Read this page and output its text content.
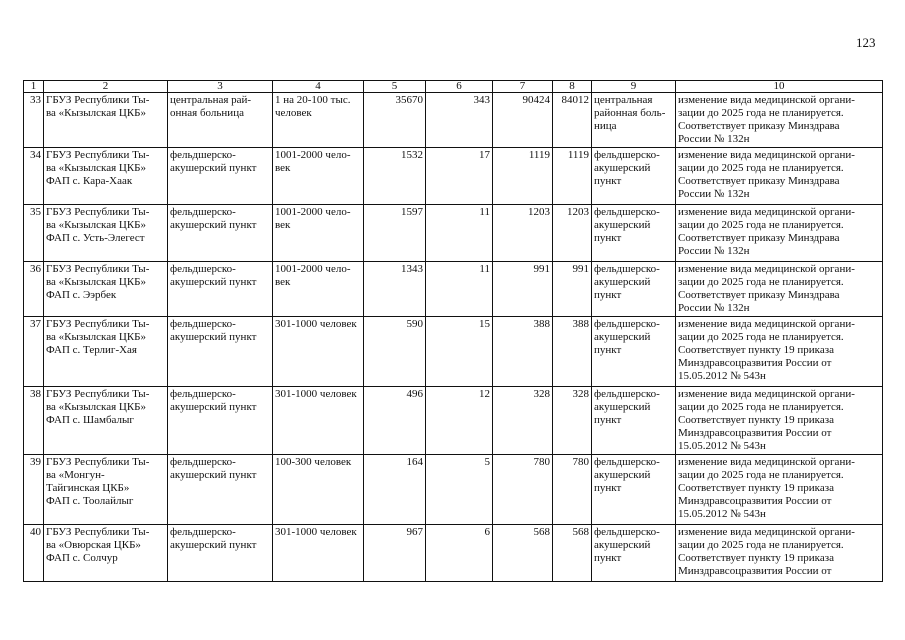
123
1	2	3	4	5	6	7	8	9	10

33	ГБУЗ Республики Ты-
ва «Кызылская ЦКБ»	центральная рай-
онная больница	1 на 20-100 тыс.
человек	35670	343	90424	84012	центральная
районная боль-
ница	изменение вида медицинской органи-
зации до 2025 года не планируется.
Соответствует приказу Минздрава
России № 132н

34	ГБУЗ Республики Ты-
ва «Кызылская ЦКБ»
ФАП с. Кара-Хаак	фельдшерско-
акушерский пункт	1001-2000 чело-
век	1532	17	1119	1119	фельдшерско-
акушерский
пункт	изменение вида медицинской органи-
зации до 2025 года не планируется.
Соответствует приказу Минздрава
России № 132н

35	ГБУЗ Республики Ты-
ва «Кызылская ЦКБ»
ФАП с. Усть-Элегест	фельдшерско-
акушерский пункт	1001-2000 чело-
век	1597	11	1203	1203	фельдшерско-
акушерский
пункт	изменение вида медицинской органи-
зации до 2025 года не планируется.
Соответствует приказу Минздрава
России № 132н

36	ГБУЗ Республики Ты-
ва «Кызылская ЦКБ»
ФАП с. Ээрбек	фельдшерско-
акушерский пункт	1001-2000 чело-
век	1343	11	991	991	фельдшерско-
акушерский
пункт	изменение вида медицинской органи-
зации до 2025 года не планируется.
Соответствует приказу Минздрава
России № 132н

37	ГБУЗ Республики Ты-
ва «Кызылская ЦКБ»
ФАП с. Терлиг-Хая	фельдшерско-
акушерский пункт	301-1000 человек	590	15	388	388	фельдшерско-
акушерский
пункт	изменение вида медицинской органи-
зации до 2025 года не планируется.
Соответствует пункту 19 приказа
Минздравсоцразвития России от
15.05.2012 № 543н

38	ГБУЗ Республики Ты-
ва «Кызылская ЦКБ»
ФАП с. Шамбалыг	фельдшерско-
акушерский пункт	301-1000 человек	496	12	328	328	фельдшерско-
акушерский
пункт	изменение вида медицинской органи-
зации до 2025 года не планируется.
Соответствует пункту 19 приказа
Минздравсоцразвития России от
15.05.2012 № 543н

39	ГБУЗ Республики Ты-
ва «Монгун-
Тайгинская ЦКБ»
ФАП с. Тоолайлыг	фельдшерско-
акушерский пункт	100-300 человек	164	5	780	780	фельдшерско-
акушерский
пункт	изменение вида медицинской органи-
зации до 2025 года не планируется.
Соответствует пункту 19 приказа
Минздравсоцразвития России от
15.05.2012 № 543н

40	ГБУЗ Республики Ты-
ва «Овюрская ЦКБ»
ФАП с. Солчур	фельдшерско-
акушерский пункт	301-1000 человек	967	6	568	568	фельдшерско-
акушерский
пункт	изменение вида медицинской органи-
зации до 2025 года не планируется.
Соответствует пункту 19 приказа
Минздравсоцразвития России от
